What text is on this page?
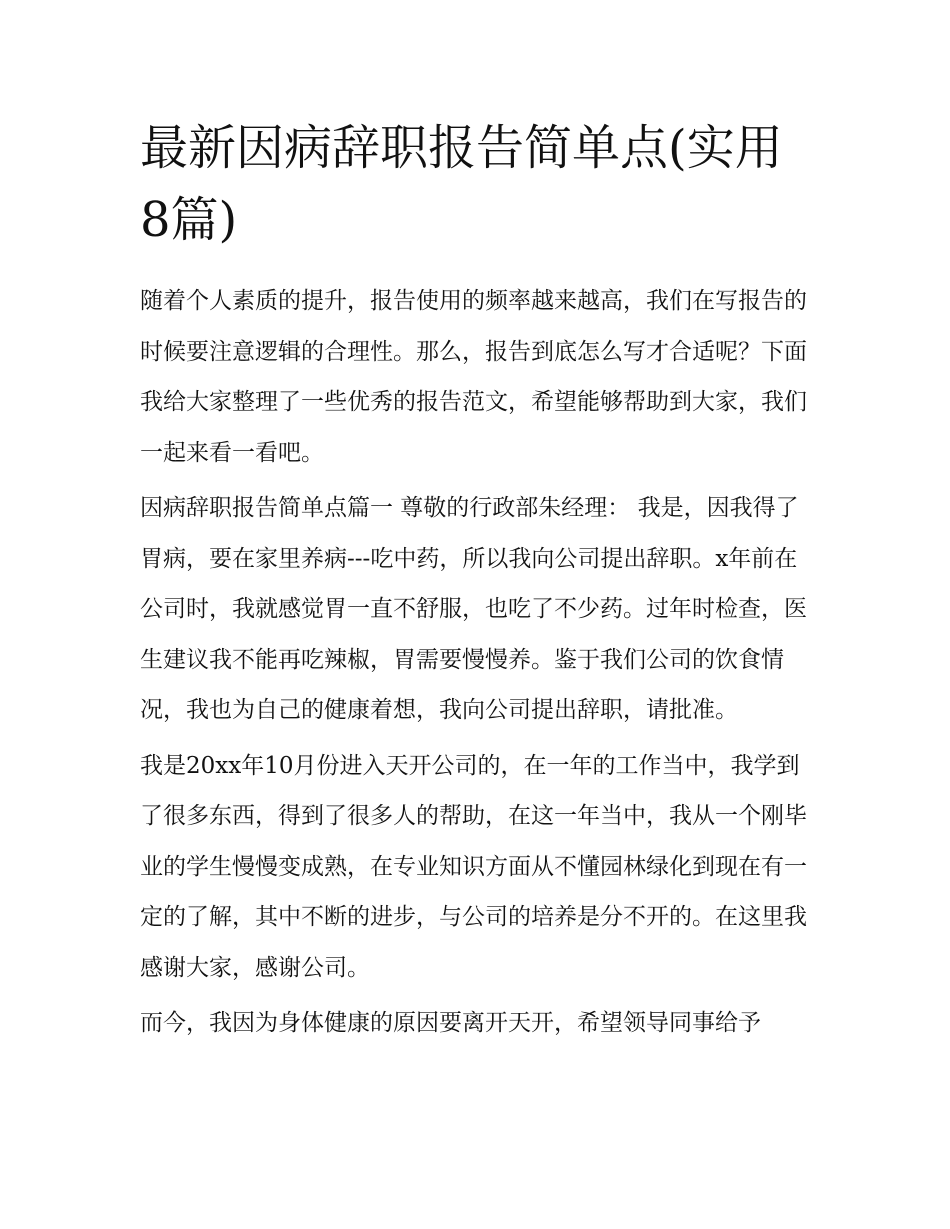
最新因病辞职报告简单点(实用8篇)

随着个人素质的提升，报告使用的频率越来越高，我们在写报告的时候要注意逻辑的合理性。那么，报告到底怎么写才合适呢？下面我给大家整理了一些优秀的报告范文，希望能够帮助到大家，我们一起来看一看吧。

因病辞职报告简单点篇一 尊敬的行政部朱经理： 我是，因我得了胃病，要在家里养病---吃中药，所以我向公司提出辞职。x年前在公司时，我就感觉胃一直不舒服，也吃了不少药。过年时检查，医生建议我不能再吃辣椒，胃需要慢慢养。鉴于我们公司的饮食情况，我也为自己的健康着想，我向公司提出辞职，请批准。

我是20xx年10月份进入天开公司的，在一年的工作当中，我学到了很多东西，得到了很多人的帮助，在这一年当中，我从一个刚毕业的学生慢慢变成熟，在专业知识方面从不懂园林绿化到现在有一定的了解，其中不断的进步，与公司的培养是分不开的。在这里我感谢大家，感谢公司。

而今，我因为身体健康的原因要离开天开，希望领导同事给予
